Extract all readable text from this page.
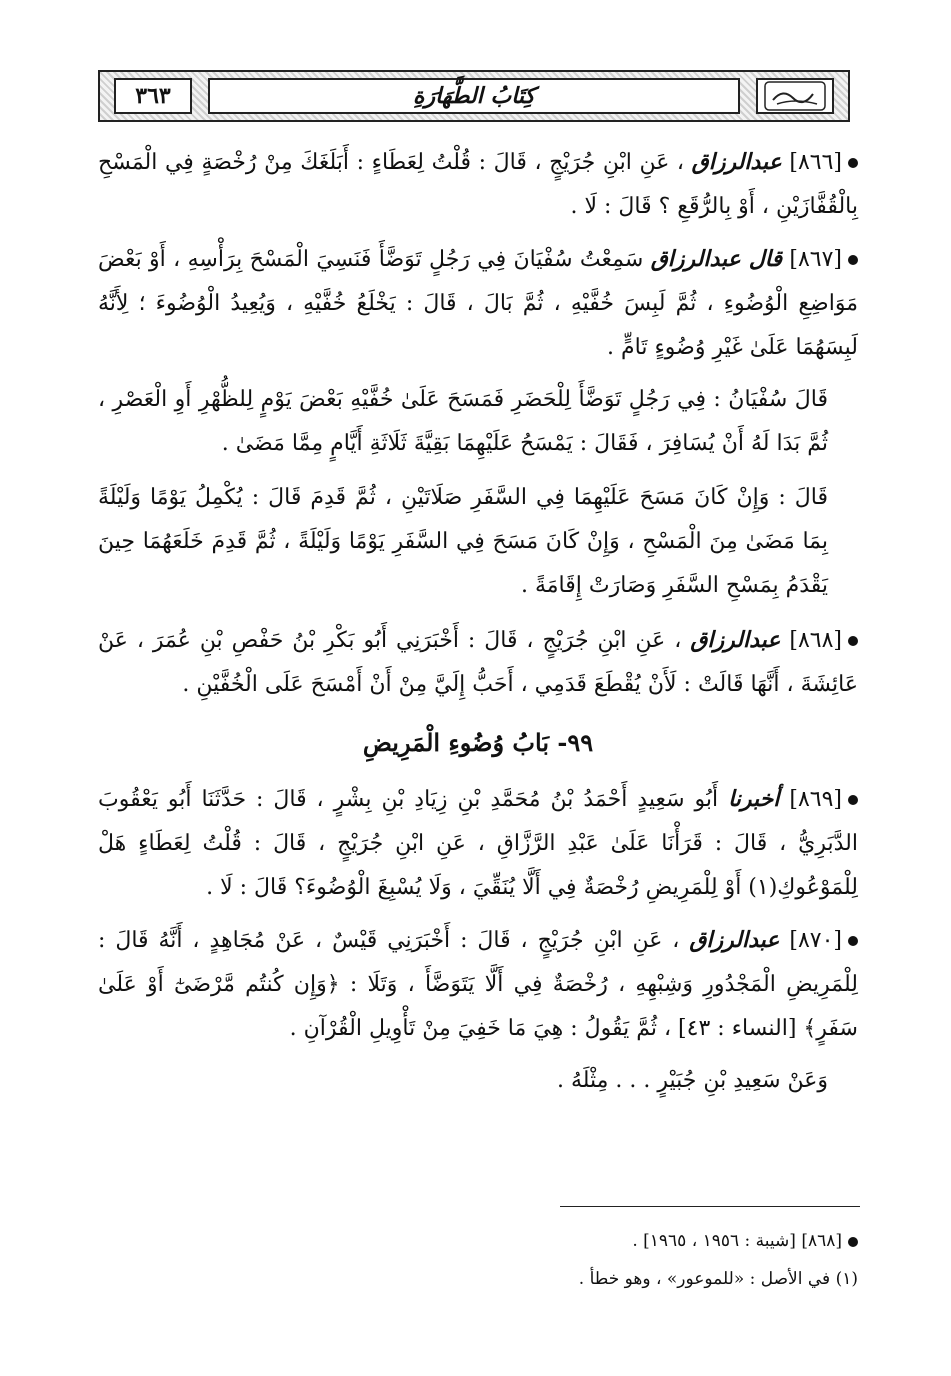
٣٦٣	كِتَابُ الطَّهَارَةِ

[٨٦٦] عبدالرزاق ، عَنِ ابْنِ جُرَيْجٍ ، قَالَ : قُلْتُ لِعَطَاءٍ : أَبَلَغَكَ مِنْ رُخْصَةٍ فِي الْمَسْحِ بِالْقُفَّازَيْنِ ، أَوْ بِالرُّقَعِ ؟ قَالَ : لَا .

[٨٦٧] قال عبدالرزاق سَمِعْتُ سُفْيَانَ فِي رَجُلٍ تَوَضَّأَ فَنَسِيَ الْمَسْحَ بِرَأْسِهِ ، أَوْ بَعْضَ مَوَاضِعِ الْوُضُوءِ ، ثُمَّ لَبِسَ خُفَّيْهِ ، ثُمَّ بَالَ ، قَالَ : يَخْلَعُ خُفَّيْهِ ، وَيُعِيدُ الْوُضُوءَ ؛ لِأَنَّهُ لَبِسَهُمَا عَلَىٰ غَيْرِ وُضُوءٍ تَامٍّ .

قَالَ سُفْيَانُ : فِي رَجُلٍ تَوَضَّأَ لِلْحَضَرِ فَمَسَحَ عَلَىٰ خُفَّيْهِ بَعْضَ يَوْمٍ لِلظُّهْرِ أَوِ الْعَصْرِ ، ثُمَّ بَدَا لَهُ أَنْ يُسَافِرَ ، فَقَالَ : يَمْسَحُ عَلَيْهِمَا بَقِيَّةَ ثَلَاثَةِ أَيَّامٍ مِمَّا مَضَىٰ .

قَالَ : وَإِنْ كَانَ مَسَحَ عَلَيْهِمَا فِي السَّفَرِ صَلَاتَيْنِ ، ثُمَّ قَدِمَ قَالَ : يُكْمِلُ يَوْمًا وَلَيْلَةً بِمَا مَضَىٰ مِنَ الْمَسْحِ ، وَإِنْ كَانَ مَسَحَ فِي السَّفَرِ يَوْمًا وَلَيْلَةً ، ثُمَّ قَدِمَ خَلَعَهُمَا حِينَ يَقْدَمُ بِمَسْحِ السَّفَرِ وَصَارَتْ إِقَامَةً .

[٨٦٨] عبدالرزاق ، عَنِ ابْنِ جُرَيْجٍ ، قَالَ : أَخْبَرَنِي أَبُو بَكْرِ بْنُ حَفْصِ بْنِ عُمَرَ ، عَنْ عَائِشَةَ ، أَنَّهَا قَالَتْ : لَأَنْ يُقْطَعَ قَدَمِي ، أَحَبُّ إِلَيَّ مِنْ أَنْ أَمْسَحَ عَلَى الْخُفَّيْنِ .

٩٩- بَابُ وُضُوءِ الْمَرِيضِ

[٨٦٩] أخبرنا أَبُو سَعِيدٍ أَحْمَدُ بْنُ مُحَمَّدِ بْنِ زِيَادِ بْنِ بِشْرٍ ، قَالَ : حَدَّثَنَا أَبُو يَعْقُوبَ الدَّبَرِيُّ ، قَالَ : قَرَأْنَا عَلَىٰ عَبْدِ الرَّزَّاقِ ، عَنِ ابْنِ جُرَيْجٍ ، قَالَ : قُلْتُ لِعَطَاءٍ هَلْ لِلْمَوْعُوكِ(١) أَوْ لِلْمَرِيضِ رُخْصَةٌ فِي أَلَّا يُنَقِّيَ ، وَلَا يُسْبِغَ الْوُضُوءَ؟ قَالَ : لَا .

[٨٧٠] عبدالرزاق ، عَنِ ابْنِ جُرَيْجٍ ، قَالَ : أَخْبَرَنِي قَيْسٌ ، عَنْ مُجَاهِدٍ ، أَنَّهُ قَالَ : لِلْمَرِيضِ الْمَجْدُورِ وَشِبْهِهِ ، رُخْصَةٌ فِي أَلَّا يَتَوَضَّأَ ، وَتَلَا : ﴿وَإِن كُنتُم مَّرْضَىٰٓ أَوْ عَلَىٰ سَفَرٍ﴾ [النساء : ٤٣] ، ثُمَّ يَقُولُ : هِيَ مَا خَفِيَ مِنْ تَأْوِيلِ الْقُرْآنِ .

وَعَنْ سَعِيدِ بْنِ جُبَيْرٍ . . . مِثْلَهُ .

[٨٦٨] [شيبة : ١٩٥٦ ، ١٩٦٥] .

(١) في الأصل : «للموعور» ، وهو خطأ .
